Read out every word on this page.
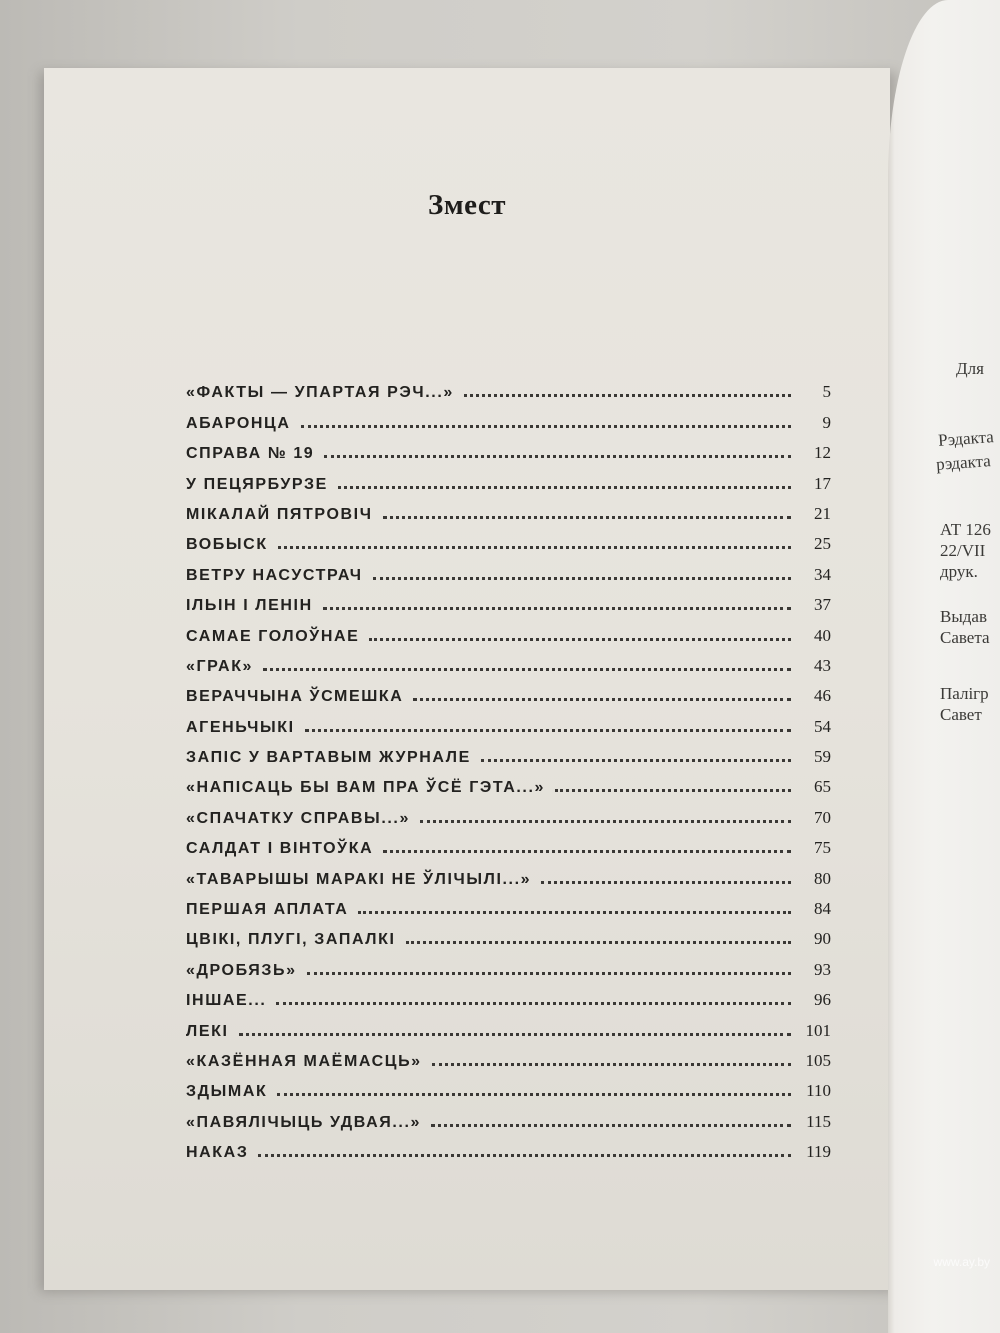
Змест
«ФАКТЫ — УПАРТАЯ РЭЧ...»	5
АБАРОНЦА	9
СПРАВА № 19	12
У ПЕЦЯРБУРЗЕ	17
МІКАЛАЙ ПЯТРОВІЧ	21
ВОБЫСК	25
ВЕТРУ НАСУСТРАЧ	34
ІЛЬІН І ЛЕНІН	37
САМАЕ ГОЛОЎНАЕ	40
«ГРАК»	43
ВЕРАЧЧЫНА ЎСМЕШКА	46
АГЕНЬЧЫКІ	54
ЗАПІС У ВАРТАВЫМ ЖУРНАЛЕ	59
«НАПІСАЦЬ БЫ ВАМ ПРА ЎСЁ ГЭТА...»	65
«СПАЧАТКУ СПРАВЫ...»	70
САЛДАТ І ВІНТОЎКА	75
«ТАВАРЫШЫ МАРАКІ НЕ ЎЛІЧЫЛІ...»	80
ПЕРШАЯ АПЛАТА	84
ЦВІКІ, ПЛУГІ, ЗАПАЛКІ	90
«ДРОБЯЗЬ»	93
ІНШАЕ...	96
ЛЕКІ	101
«КАЗЁННАЯ МАЁМАСЦЬ»	105
ЗДЫМАК	110
«ПАВЯЛІЧЫЦЬ УДВАЯ...»	115
НАКАЗ	119
Для
Рэдакта
рэдакта
АТ 126
22/VII
друк.
Выдав
Савета
Палігр
Савет
www.ay.by
